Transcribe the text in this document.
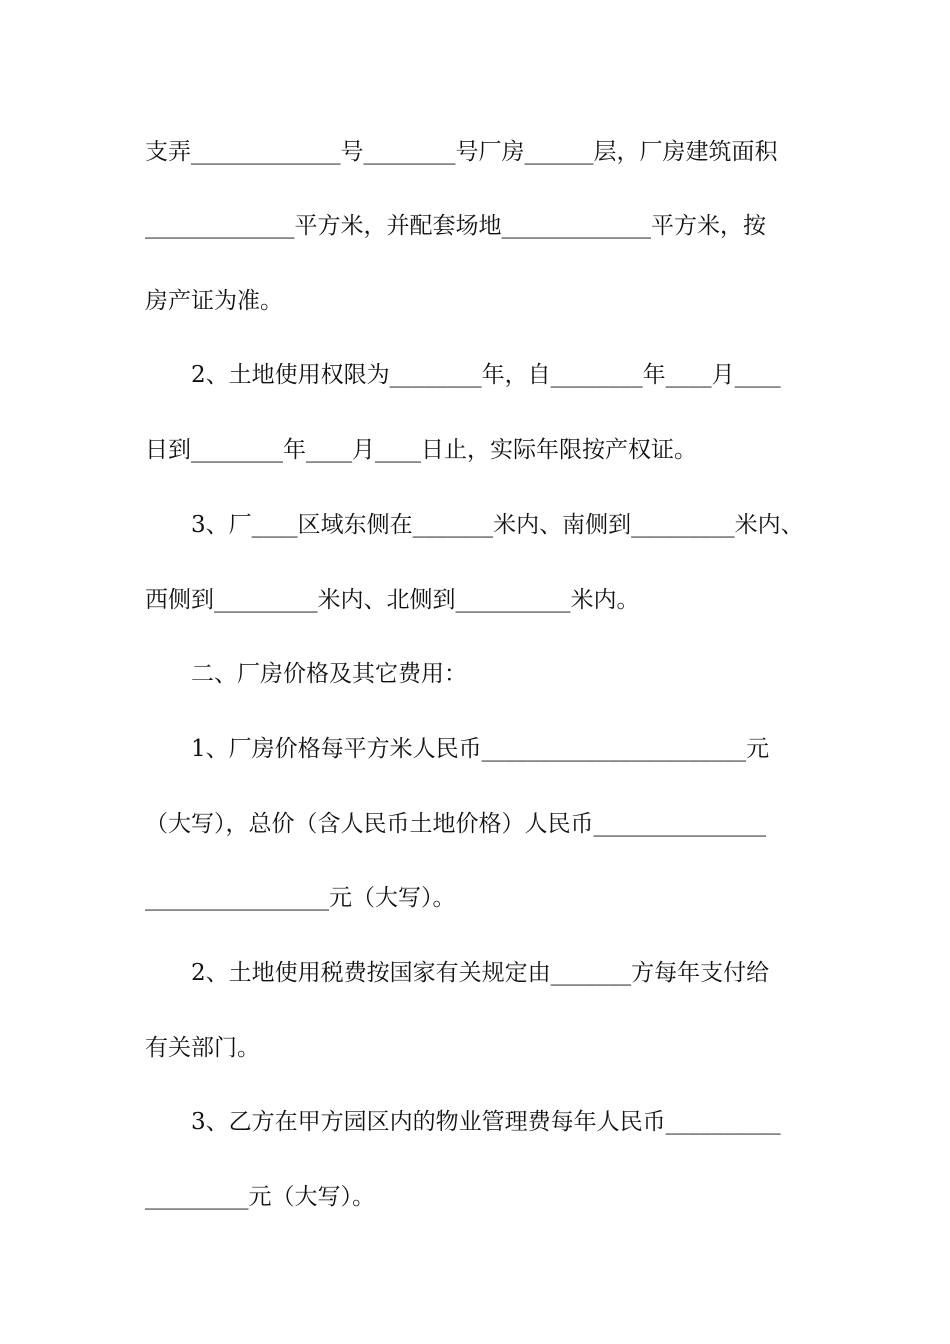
支弄_____________号________号厂房______层，厂房建筑面积
_____________平方米，并配套场地_____________平方米，按
房产证为准。
2、土地使用权限为________年，自________年____月____
日到________年____月____日止，实际年限按产权证。
3、厂____区域东侧在_______米内、南侧到_________米内、
西侧到_________米内、北侧到__________米内。
二、厂房价格及其它费用：
1、厂房价格每平方米人民币_______________________元
（大写），总价（含人民币土地价格）人民币_______________
________________元（大写）。
2、土地使用税费按国家有关规定由_______方每年支付给
有关部门。
3、乙方在甲方园区内的物业管理费每年人民币__________
_________元（大写）。
